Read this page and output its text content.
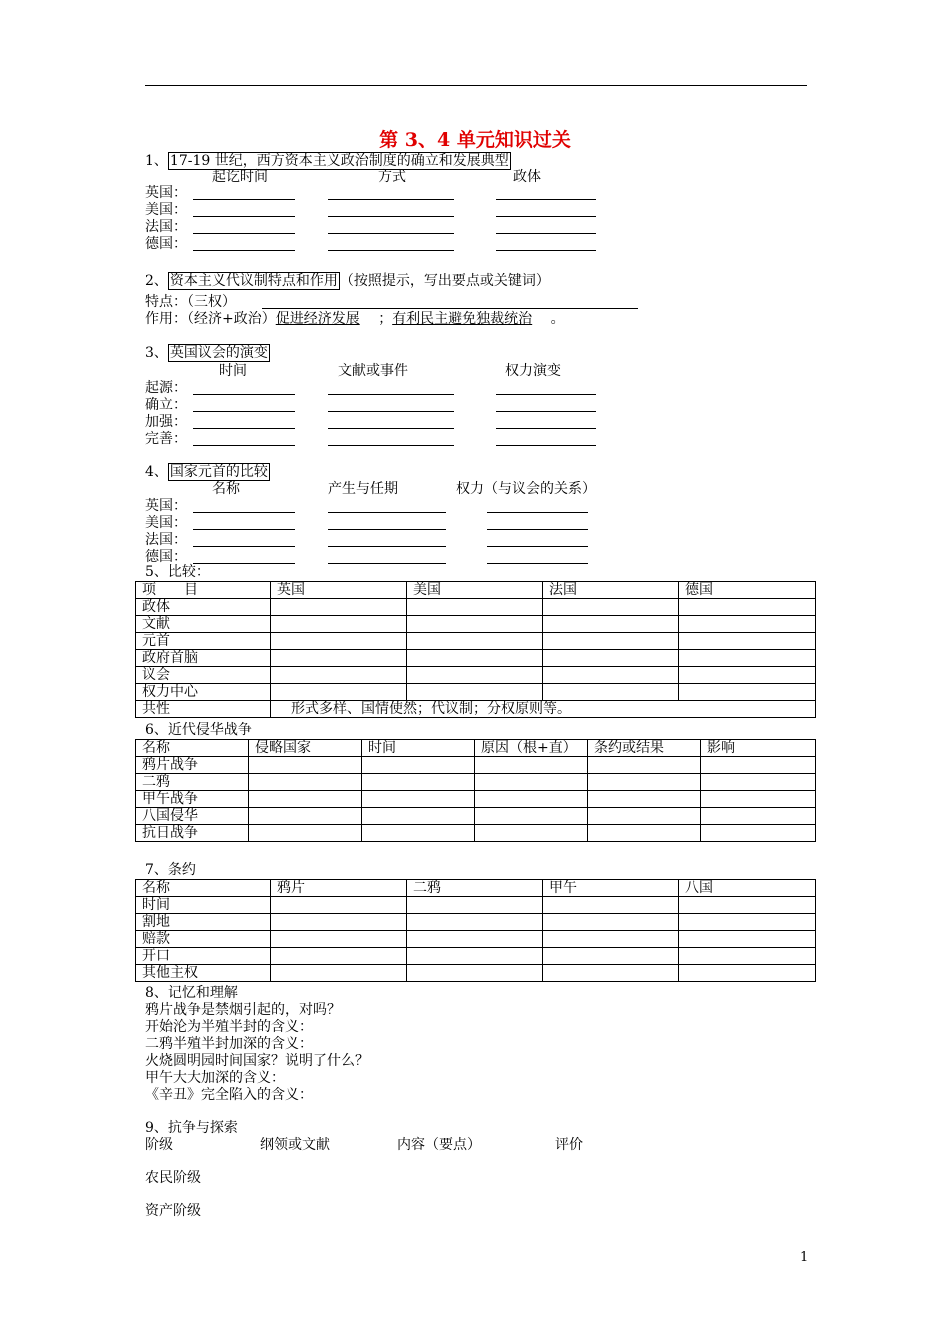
第 3、4 单元知识过关
1、 17-19 世纪，西方资本主义政治制度的确立和发展典型
起讫时间	方式	政体
英国：
美国：
法国：
德国：
2、 资本主义代议制特点和作用 （按照提示，写出要点或关键词）
特点：（三权）
作用：（经济+政治）促进经济发展　 ；有利民主避免独裁统治　 。
3、 英国议会的演变
时间	文献或事件	权力演变
起源：
确立：
加强：
完善：
4、 国家元首的比较
名称	产生与任期	权力（与议会的关系）
英国：
美国：
法国：
德国：
5、比较：
项　　目	英国	美国	法国	德国
政体				
文献				
元首				
政府首脑				
议会				
权力中心				
共性	　形式多样、国情使然；代议制；分权原则等。			
6、近代侵华战争
名称	侵略国家	时间	原因（根+直）	条约或结果	影响
鸦片战争					
二鸦					
甲午战争					
八国侵华					
抗日战争					
7、条约
名称	鸦片	二鸦	甲午	八国
时间				
割地				
赔款				
开口				
其他主权				
8、记忆和理解
鸦片战争是禁烟引起的，对吗？
开始沦为半殖半封的含义：
二鸦半殖半封加深的含义：
火烧圆明园时间国家？说明了什么？
甲午大大加深的含义：
《辛丑》完全陷入的含义：
9、抗争与探索
阶级	纲领或文献	内容（要点）	评价
农民阶级
资产阶级
1
